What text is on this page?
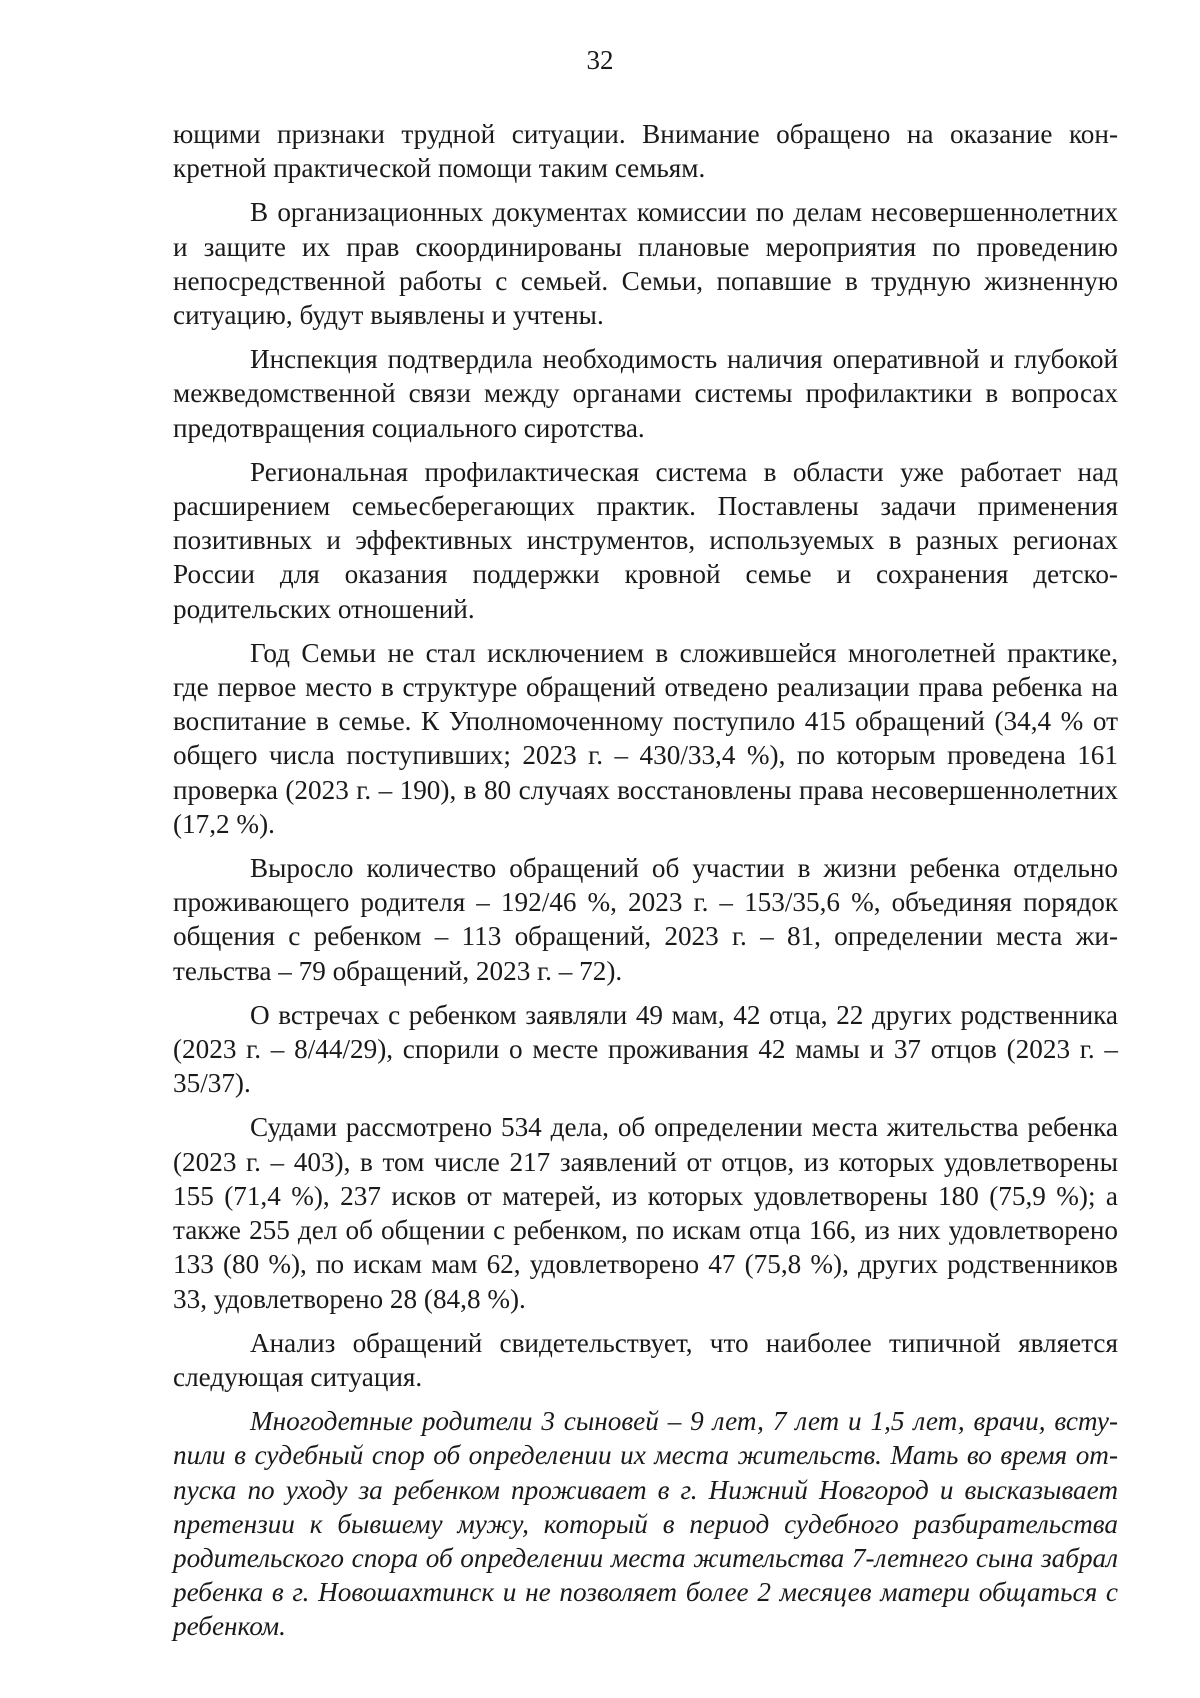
32

ющими признаки трудной ситуации. Внимание обращено на оказание конкретной практической помощи таким семьям.

В организационных документах комиссии по делам несовершеннолетних и защите их прав скоординированы плановые мероприятия по проведению непосредственной работы с семьей. Семьи, попавшие в трудную жизненную ситуацию, будут выявлены и учтены.

Инспекция подтвердила необходимость наличия оперативной и глубокой межведомственной связи между органами системы профилактики в вопросах предотвращения социального сиротства.

Региональная профилактическая система в области уже работает над расширением семьесберегающих практик. Поставлены задачи применения позитивных и эффективных инструментов, используемых в разных регионах России для оказания поддержки кровной семье и сохранения детско-родительских отношений.

Год Семьи не стал исключением в сложившейся многолетней практике, где первое место в структуре обращений отведено реализации права ребенка на воспитание в семье. К Уполномоченному поступило 415 обращений (34,4 % от общего числа поступивших; 2023 г. – 430/33,4 %), по которым проведена 161 проверка (2023 г. – 190), в 80 случаях восстановлены права несовершеннолетних (17,2 %).

Выросло количество обращений об участии в жизни ребенка отдельно проживающего родителя – 192/46 %, 2023 г. – 153/35,6 %, объединяя порядок общения с ребенком – 113 обращений, 2023 г. – 81, определении места жительства – 79 обращений, 2023 г. – 72).

О встречах с ребенком заявляли 49 мам, 42 отца, 22 других родственника (2023 г. – 8/44/29), спорили о месте проживания 42 мамы и 37 отцов (2023 г. – 35/37).

Судами рассмотрено 534 дела, об определении места жительства ребенка (2023 г. – 403), в том числе 217 заявлений от отцов, из которых удовлетворены 155 (71,4 %), 237 исков от матерей, из которых удовлетворены 180 (75,9 %); а также 255 дел об общении с ребенком, по искам отца 166, из них удовлетворено 133 (80 %), по искам мам 62, удовлетворено 47 (75,8 %), других родственников 33, удовлетворено 28 (84,8 %).

Анализ обращений свидетельствует, что наиболее типичной является следующая ситуация.

Многодетные родители 3 сыновей – 9 лет, 7 лет и 1,5 лет, врачи, вступили в судебный спор об определении их места жительств. Мать во время отпуска по уходу за ребенком проживает в г. Нижний Новгород и высказывает претензии к бывшему мужу, который в период судебного разбирательства родительского спора об определении места жительства 7-летнего сына забрал ребенка в г. Новошахтинск и не позволяет более 2 месяцев матери общаться с ребенком.
